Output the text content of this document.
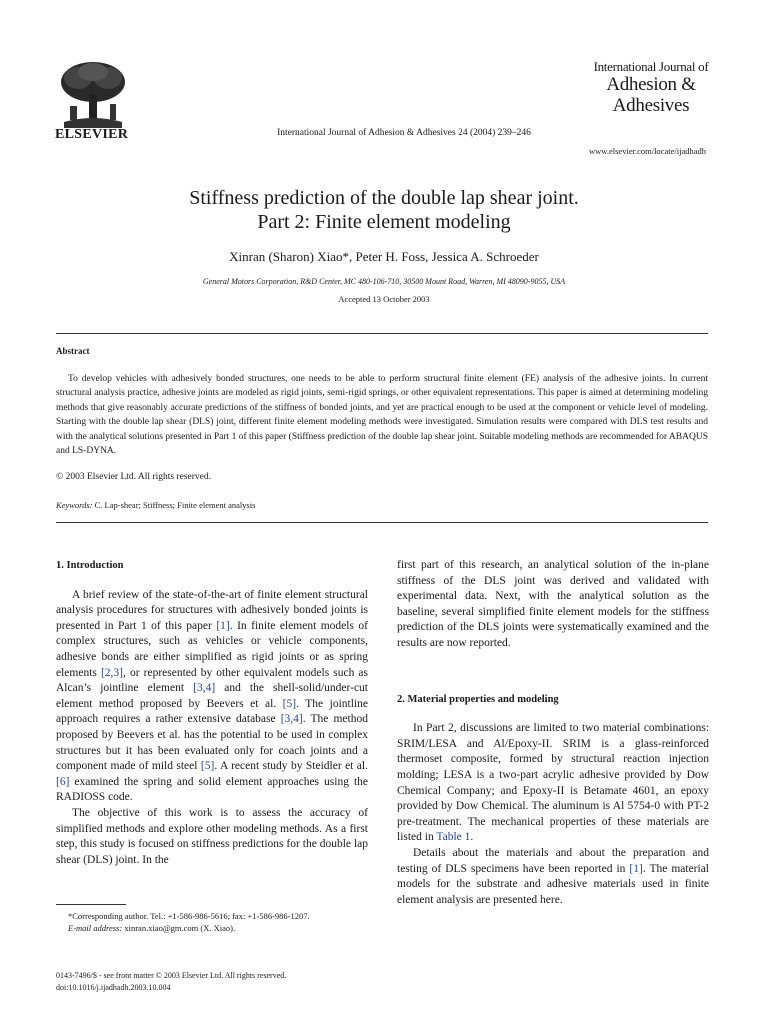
ELSEVIER	International Journal of Adhesion & Adhesives 24 (2004) 239–246
International Journal of
Adhesion &
Adhesives
www.elsevier.com/locate/ijadhadh
Stiffness prediction of the double lap shear joint.
Part 2: Finite element modeling
Xinran (Sharon) Xiao*, Peter H. Foss, Jessica A. Schroeder
General Motors Corporation, R&D Center, MC 480-106-710, 30500 Mount Road, Warren, MI 48090-9055, USA
Accepted 13 October 2003
Abstract
To develop vehicles with adhesively bonded structures, one needs to be able to perform structural finite element (FE) analysis of the adhesive joints. In current structural analysis practice, adhesive joints are modeled as rigid joints, semi-rigid springs, or other equivalent representations. This paper is aimed at determining modeling methods that give reasonably accurate predictions of the stiffness of bonded joints, and yet are practical enough to be used at the component or vehicle level of modeling. Starting with the double lap shear (DLS) joint, different finite element modeling methods were investigated. Simulation results were compared with DLS test results and with the analytical solutions presented in Part 1 of this paper (Stiffness prediction of the double lap shear joint. Suitable modeling methods are recommended for ABAQUS and LS-DYNA.
© 2003 Elsevier Ltd. All rights reserved.
Keywords: C. Lap-shear; Stiffness; Finite element analysis

1. Introduction

A brief review of the state-of-the-art of finite element structural analysis procedures for structures with adhesively bonded joints is presented in Part 1 of this paper [1]. In finite element models of complex structures, such as vehicles or vehicle components, adhesive bonds are either simplified as rigid joints or as spring elements [2,3], or represented by other equivalent models such as Alcan’s jointline element [3,4] and the shell-solid/under-cut element method proposed by Beevers et al. [5]. The jointline approach requires a rather extensive database [3,4]. The method proposed by Beevers et al. has the potential to be used in complex structures but it has been evaluated only for coach joints and a component made of mild steel [5]. A recent study by Steidler et al. [6] examined the spring and solid element approaches using the RADIOSS code.

The objective of this work is to assess the accuracy of simplified methods and explore other modeling methods. As a first step, this study is focused on stiffness predictions for the double lap shear (DLS) joint. In the

*Corresponding author. Tel.: +1-586-986-5616; fax: +1-586-986-1207.
E-mail address: xinran.xiao@gm.com (X. Xiao).
0143-7496/$ - see front matter © 2003 Elsevier Ltd. All rights reserved.
doi:10.1016/j.ijadhadh.2003.10.004

first part of this research, an analytical solution of the in-plane stiffness of the DLS joint was derived and validated with experimental data. Next, with the analytical solution as the baseline, several simplified finite element models for the stiffness prediction of the DLS joints were systematically examined and the results are now reported.

2. Material properties and modeling

In Part 2, discussions are limited to two material combinations: SRIM/LESA and Al/Epoxy-II. SRIM is a glass-reinforced thermoset composite, formed by structural reaction injection molding; LESA is a two-part acrylic adhesive provided by Dow Chemical Company; and Epoxy-II is Betamate 4601, an epoxy provided by Dow Chemical. The aluminum is Al 5754-0 with PT-2 pre-treatment. The mechanical properties of these materials are listed in Table 1.

Details about the materials and about the preparation and testing of DLS specimens have been reported in [1]. The material models for the substrate and adhesive materials used in finite element analysis are presented here.
